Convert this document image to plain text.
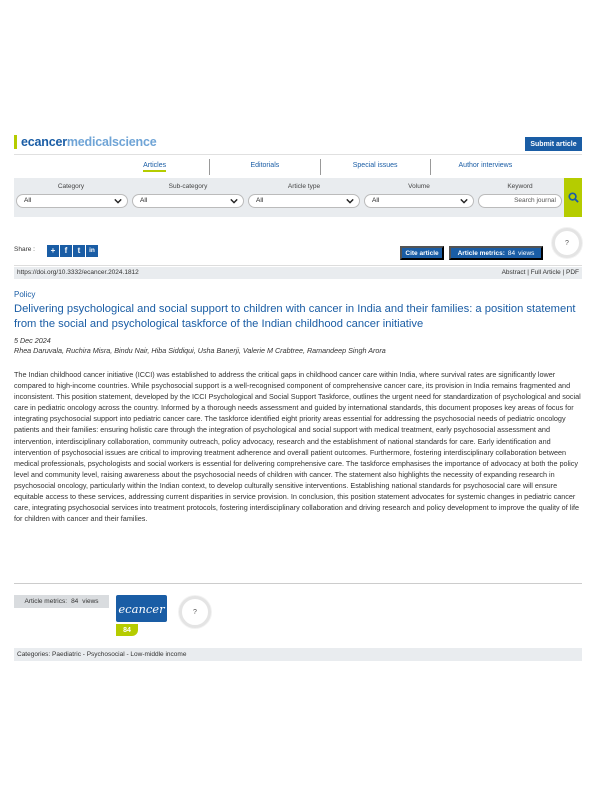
ecancermedicalscience	Submit article
Articles	Editorials	Special issues	Author interviews
Category
All
Sub-category
All
Article type
All
Volume
All
Keyword
Search journal
Share :	+	f	t	in	Cite article	Article metrics: 84 views
?
https://doi.org/10.3332/ecancer.2024.1812	Abstract | Full Article | PDF
Policy
Delivering psychological and social support to children with cancer in India and their families: a position statement from the social and psychological taskforce of the Indian childhood cancer initiative
5 Dec 2024
Rhea Daruvala, Ruchira Misra, Bindu Nair, Hiba Siddiqui, Usha Banerji, Valerie M Crabtree, Ramandeep Singh Arora
The Indian childhood cancer initiative (ICCI) was established to address the critical gaps in childhood cancer care within India, where survival rates are significantly lower compared to high-income countries. While psychosocial support is a well-recognised component of comprehensive cancer care, its provision in India remains fragmented and inconsistent. This position statement, developed by the ICCI Psychological and Social Support Taskforce, outlines the urgent need for standardization of psychological and social care in pediatric oncology across the country. Informed by a thorough needs assessment and guided by international standards, this document proposes key areas of focus for integrating psychosocial support into pediatric cancer care. The taskforce identified eight priority areas essential for addressing the psychosocial needs of pediatric oncology patients and their families: ensuring holistic care through the integration of psychological and social support with medical treatment, early psychosocial assessment and intervention, interdisciplinary collaboration, community outreach, policy advocacy, research and the establishment of national standards for care. Early identification and intervention of psychosocial issues are critical to improving treatment adherence and overall patient outcomes. Furthermore, fostering interdisciplinary collaboration between medical professionals, psychologists and social workers is essential for delivering comprehensive care. The taskforce emphasises the importance of advocacy at both the policy level and community level, raising awareness about the psychosocial needs of children with cancer. The statement also highlights the necessity of expanding research in psychosocial oncology, particularly within the Indian context, to develop culturally sensitive interventions. Establishing national standards for psychosocial care will ensure equitable access to these services, addressing current disparities in service provision. In conclusion, this position statement advocates for systemic changes in pediatric cancer care, integrating psychosocial services into treatment protocols, fostering interdisciplinary collaboration and driving research and policy development to improve the quality of life for children with cancer and their families.
Article metrics: 84 views ecancer
84
?
Categories: Paediatric - Psychosocial - Low-middle income
